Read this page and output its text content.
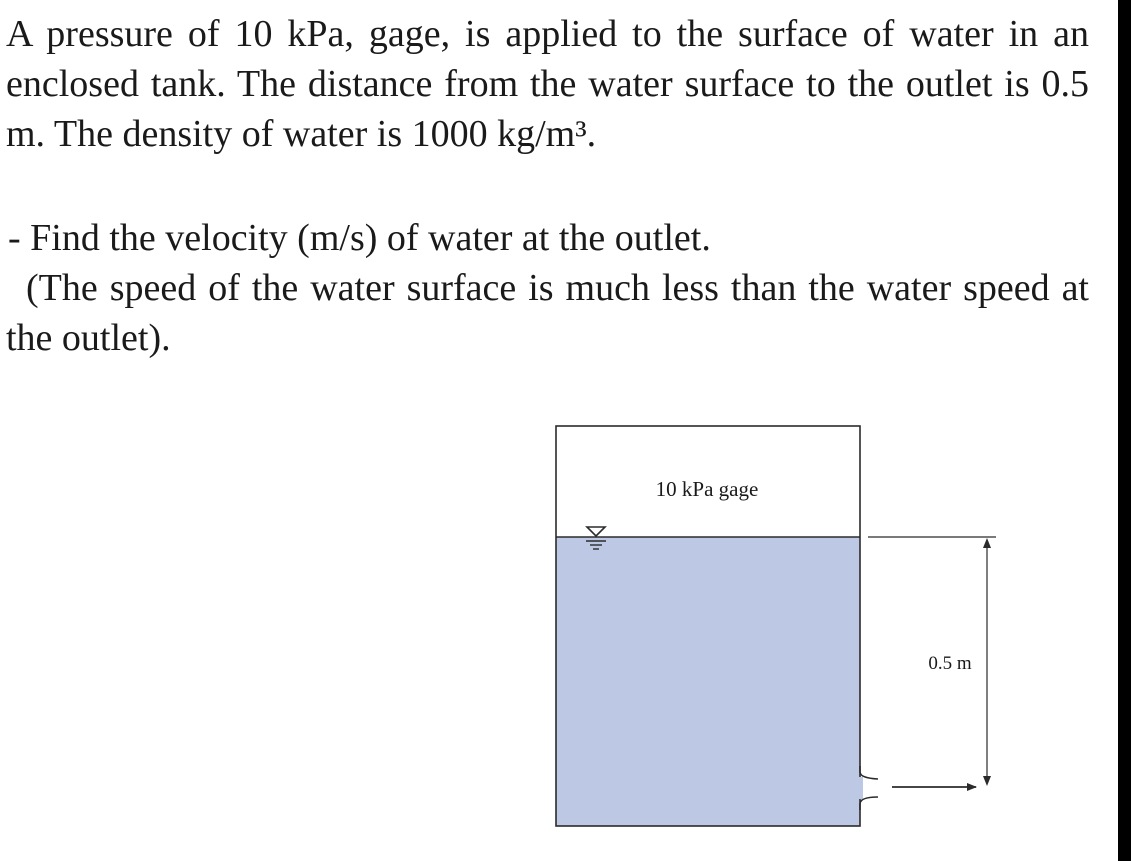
A pressure of 10 kPa, gage, is applied to the surface of water in an enclosed tank. The distance from the water surface to the outlet is 0.5 m. The density of water is 1000 kg/m³.

- Find the velocity (m/s) of water at the outlet.

(The speed of the water surface is much less than the water speed at the outlet).

0.5 m
10 kPa gage
